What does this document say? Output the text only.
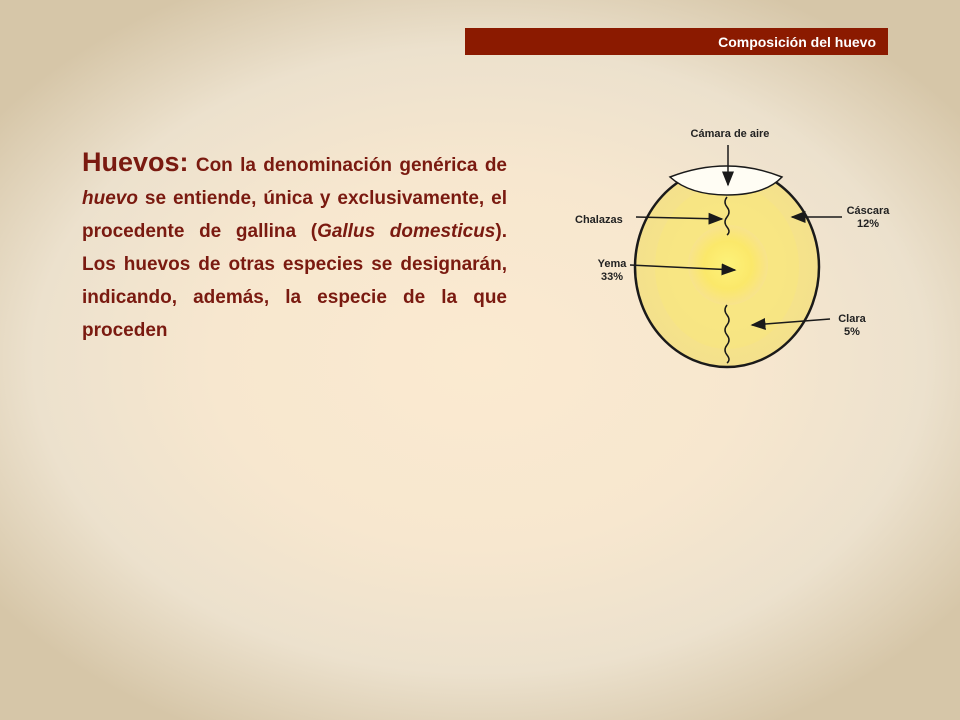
Composición del huevo
Huevos: Con la denominación genérica de huevo se entiende, única y exclusivamente, el procedente de gallina (Gallus domesticus). Los huevos de otras especies se designarán, indicando, además, la especie de la que proceden
Cámara de aire
Chalazas
Cáscara
12%
Yema
33%
Clara
5%
